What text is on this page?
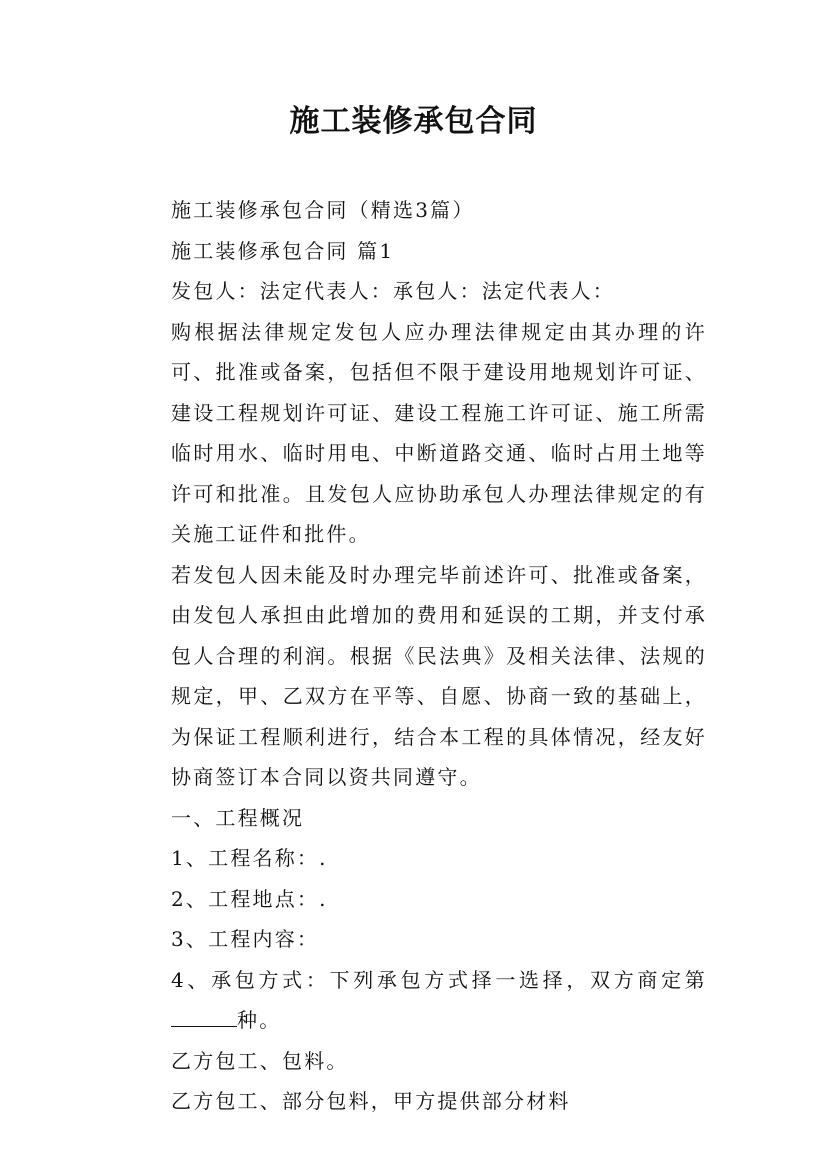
施工装修承包合同

施工装修承包合同（精选3篇）

施工装修承包合同 篇1

发包人：法定代表人：承包人：法定代表人：

购根据法律规定发包人应办理法律规定由其办理的许可、批准或备案，包括但不限于建设用地规划许可证、建设工程规划许可证、建设工程施工许可证、施工所需临时用水、临时用电、中断道路交通、临时占用土地等许可和批准。且发包人应协助承包人办理法律规定的有关施工证件和批件。

若发包人因未能及时办理完毕前述许可、批准或备案，由发包人承担由此增加的费用和延误的工期，并支付承包人合理的利润。根据《民法典》及相关法律、法规的规定，甲、乙双方在平等、自愿、协商一致的基础上，为保证工程顺利进行，结合本工程的具体情况，经友好协商签订本合同以资共同遵守。

一、工程概况

1、工程名称：.

2、工程地点：.

3、工程内容：

4、承包方式：下列承包方式择一选择，双方商定第种。

乙方包工、包料。

乙方包工、部分包料，甲方提供部分材料
